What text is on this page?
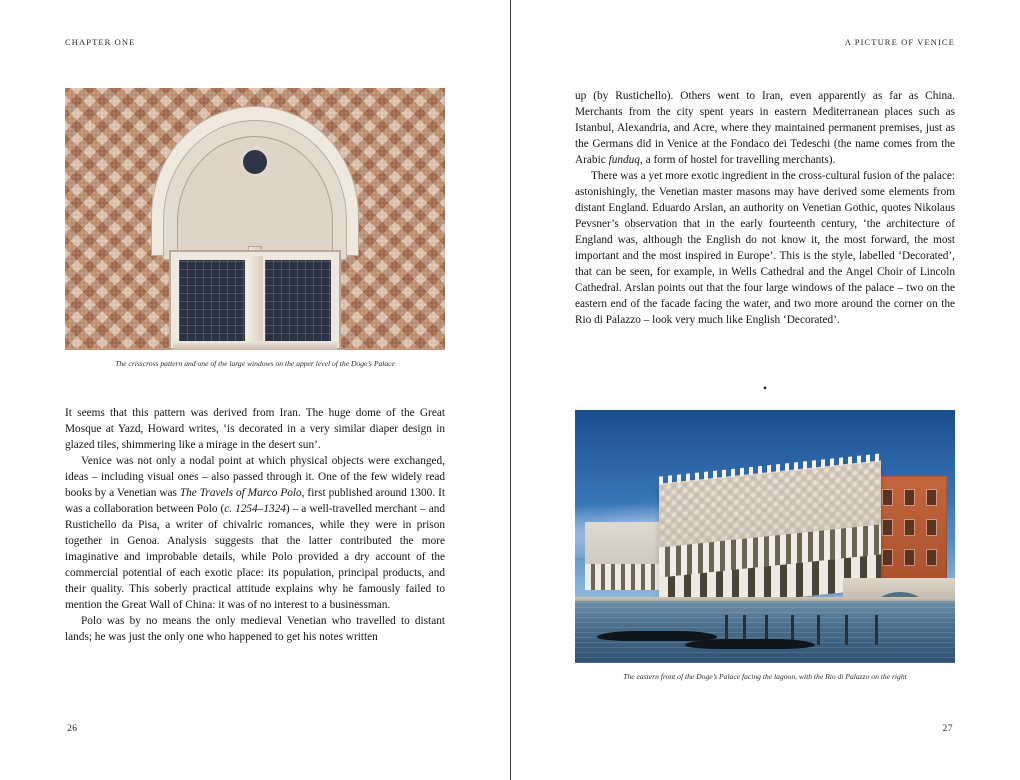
CHAPTER ONE
The crisscross pattern and one of the large windows on the upper level of the Doge’s Palace

It seems that this pattern was derived from Iran. The huge dome of the Great Mosque at Yazd, Howard writes, ‘is decorated in a very similar diaper design in glazed tiles, shimmering like a mirage in the desert sun’.

Venice was not only a nodal point at which physical objects were exchanged, ideas – including visual ones – also passed through it. One of the few widely read books by a Venetian was The Travels of Marco Polo, first published around 1300. It was a collaboration between Polo (c. 1254–1324) – a well-travelled merchant – and Rustichello da Pisa, a writer of chivalric romances, while they were in prison together in Genoa. Analysis suggests that the latter contributed the more imaginative and improbable details, while Polo provided a dry account of the commercial potential of each exotic place: its population, principal products, and their quality. This soberly practical attitude explains why he famously failed to mention the Great Wall of China: it was of no interest to a businessman.

Polo was by no means the only medieval Venetian who travelled to distant lands; he was just the only one who happened to get his notes written

26
A PICTURE OF VENICE

up (by Rustichello). Others went to Iran, even apparently as far as China. Merchants from the city spent years in eastern Mediterranean places such as Istanbul, Alexandria, and Acre, where they maintained permanent premises, just as the Germans did in Venice at the Fondaco dei Tedeschi (the name comes from the Arabic funduq, a form of hostel for travelling merchants).

There was a yet more exotic ingredient in the cross-cultural fusion of the palace: astonishingly, the Venetian master masons may have derived some elements from distant England. Eduardo Arslan, an authority on Venetian Gothic, quotes Nikolaus Pevsner’s observation that in the early fourteenth century, ‘the architecture of England was, although the English do not know it, the most forward, the most important and the most inspired in Europe’. This is the style, labelled ‘Decorated’, that can be seen, for example, in Wells Cathedral and the Angel Choir of Lincoln Cathedral. Arslan points out that the four large windows of the palace – two on the eastern end of the facade facing the water, and two more around the corner on the Rio di Palazzo – look very much like English ‘Decorated’.

•
The eastern front of the Doge’s Palace facing the lagoon, with the Rio di Palazzo on the right
27
